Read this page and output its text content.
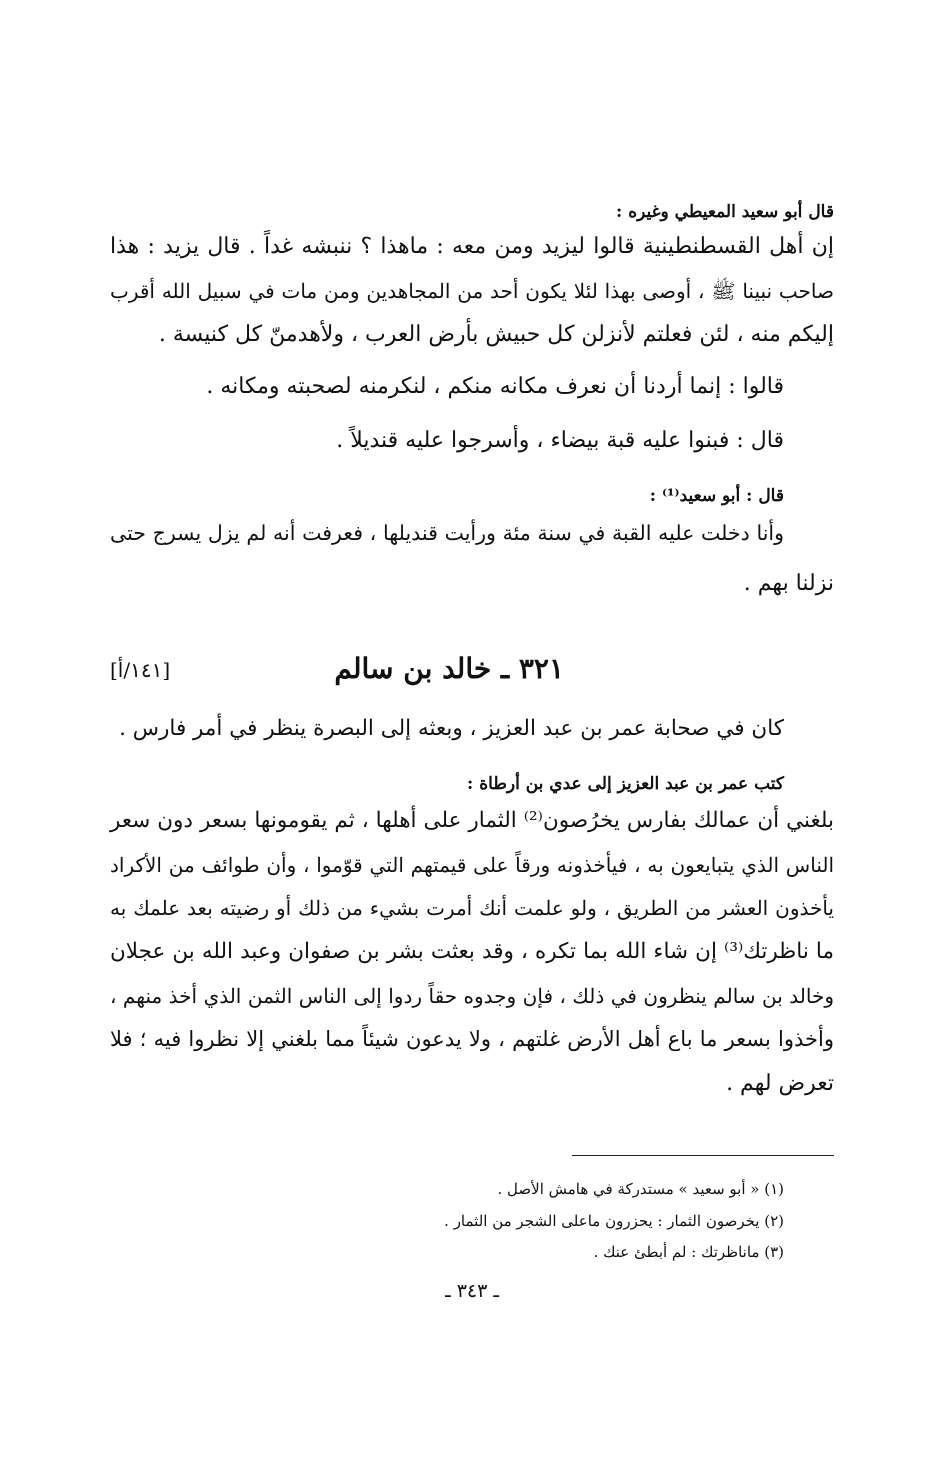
قال أبو سعيد المعيطي وغيره :
إن أهل القسطنطينية قالوا ليزيد ومن معه : ماهذا ؟ ننبشه غداً . قال يزيد : هذا
صاحب نبينا ﷺ ، أوصى بهذا لئلا يكون أحد من المجاهدين ومن مات في سبيل الله أقرب
إليكم منه ، لئن فعلتم لأنزلن كل حبيش بأرض العرب ، ولأهدمنّ كل كنيسة .
قالوا : إنما أردنا أن نعرف مكانه منكم ، لنكرمنه لصحبته ومكانه .
قال : فبنوا عليه قبة بيضاء ، وأسرجوا عليه قنديلاً .
قال : أبو سعيد⁽¹⁾ :
وأنا دخلت عليه القبة في سنة مئة ورأيت قنديلها ، فعرفت أنه لم يزل يسرج حتى
نزلنا بهم .
٣٢١ ـ خالد بن سالم
[١٤١/أ]
كان في صحابة عمر بن عبد العزيز ، وبعثه إلى البصرة ينظر في أمر فارس .
كتب عمر بن عبد العزيز إلى عدي بن أرطاة :
بلغني أن عمالك بفارس يخرُصون⁽²⁾ الثمار على أهلها ، ثم يقومونها بسعر دون سعر
الناس الذي يتبايعون به ، فيأخذونه ورقاً على قيمتهم التي قوّموا ، وأن طوائف من الأكراد
يأخذون العشر من الطريق ، ولو علمت أنك أمرت بشيء من ذلك أو رضيته بعد علمك به
ما ناظرتك⁽³⁾ إن شاء الله بما تكره ، وقد بعثت بشر بن صفوان وعبد الله بن عجلان
وخالد بن سالم ينظرون في ذلك ، فإن وجدوه حقاً ردوا إلى الناس الثمن الذي أخذ منهم ،
وأخذوا بسعر ما باع أهل الأرض غلتهم ، ولا يدعون شيئاً مما بلغني إلا نظروا فيه ؛ فلا
تعرض لهم .
(١) « أبو سعيد » مستدركة في هامش الأصل .
(٢) يخرصون الثمار : يحزرون ماعلى الشجر من الثمار .
(٣) ماناظرتك : لم أبطئ عنك .
ـ ٣٤٣ ـ
